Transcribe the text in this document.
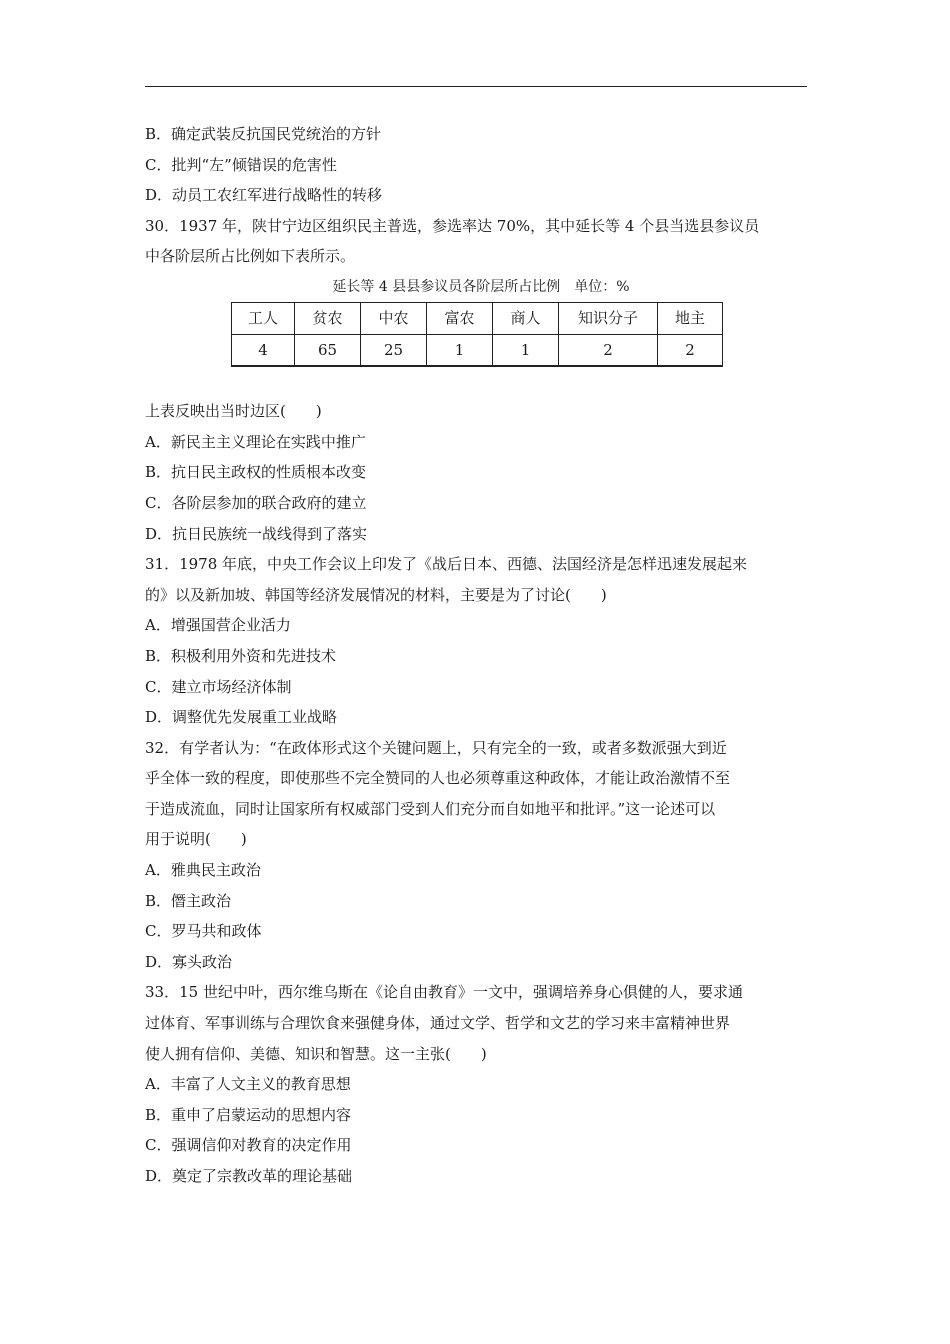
B．确定武装反抗国民党统治的方针
C．批判“左”倾错误的危害性
D．动员工农红军进行战略性的转移
30．1937 年，陕甘宁边区组织民主普选，参选率达 70%，其中延长等 4 个县当选县参议员
中各阶层所占比例如下表所示。
延长等 4 县县参议员各阶层所占比例　单位：%
工人	贫农	中农	富农	商人	知识分子	地主
4	65	25	1	1	2	2
上表反映出当时边区(　　)
A．新民主主义理论在实践中推广
B．抗日民主政权的性质根本改变
C．各阶层参加的联合政府的建立
D．抗日民族统一战线得到了落实
31．1978 年底，中央工作会议上印发了《战后日本、西德、法国经济是怎样迅速发展起来
的》以及新加坡、韩国等经济发展情况的材料，主要是为了讨论(　　)
A．增强国营企业活力
B．积极利用外资和先进技术
C．建立市场经济体制
D．调整优先发展重工业战略
32．有学者认为：“在政体形式这个关键问题上，只有完全的一致，或者多数派强大到近
乎全体一致的程度，即使那些不完全赞同的人也必须尊重这种政体，才能让政治激情不至
于造成流血，同时让国家所有权威部门受到人们充分而自如地平和批评。”这一论述可以
用于说明(　　)
A．雅典民主政治
B．僭主政治
C．罗马共和政体
D．寡头政治
33．15 世纪中叶，西尔维乌斯在《论自由教育》一文中，强调培养身心俱健的人，要求通
过体育、军事训练与合理饮食来强健身体，通过文学、哲学和文艺的学习来丰富精神世界
使人拥有信仰、美德、知识和智慧。这一主张(　　)
A．丰富了人文主义的教育思想
B．重申了启蒙运动的思想内容
C．强调信仰对教育的决定作用
D．奠定了宗教改革的理论基础
